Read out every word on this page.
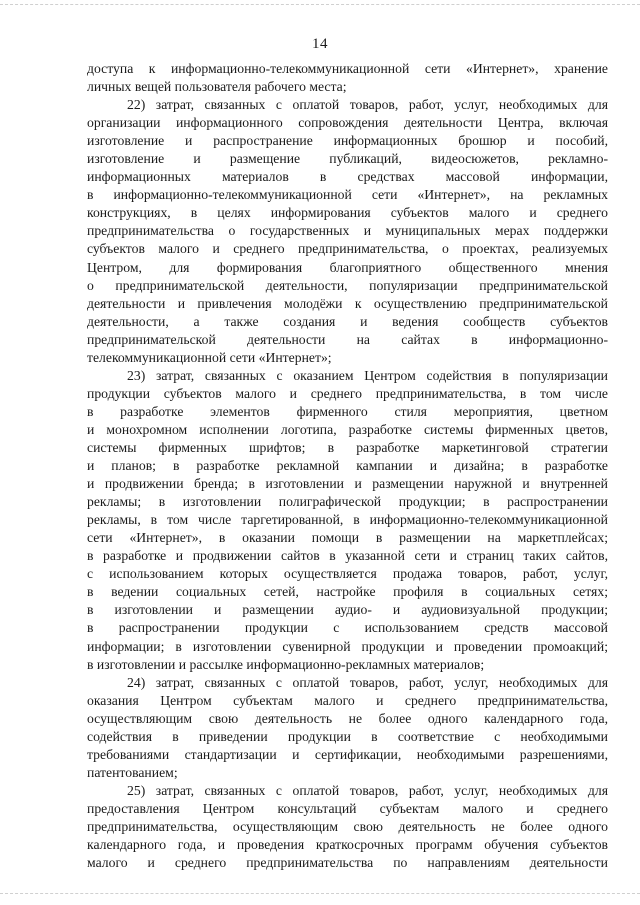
14
доступа к информационно-телекоммуникационной сети «Интернет», хранение
личных вещей пользователя рабочего места;
22) затрат, связанных с оплатой товаров, работ, услуг, необходимых для
организации информационного сопровождения деятельности Центра, включая
изготовление и распространение информационных брошюр и пособий,
изготовление и размещение публикаций, видеосюжетов, рекламно-
информационных материалов в средствах массовой информации,
в информационно-телекоммуникационной сети «Интернет», на рекламных
конструкциях, в целях информирования субъектов малого и среднего
предпринимательства о государственных и муниципальных мерах поддержки
субъектов малого и среднего предпринимательства, о проектах, реализуемых
Центром, для формирования благоприятного общественного мнения
о предпринимательской деятельности, популяризации предпринимательской
деятельности и привлечения молодёжи к осуществлению предпринимательской
деятельности, а также создания и ведения сообществ субъектов
предпринимательской деятельности на сайтах в информационно-
телекоммуникационной сети «Интернет»;
23) затрат, связанных с оказанием Центром содействия в популяризации
продукции субъектов малого и среднего предпринимательства, в том числе
в разработке элементов фирменного стиля мероприятия, цветном
и монохромном исполнении логотипа, разработке системы фирменных цветов,
системы фирменных шрифтов; в разработке маркетинговой стратегии
и планов; в разработке рекламной кампании и дизайна; в разработке
и продвижении бренда; в изготовлении и размещении наружной и внутренней
рекламы; в изготовлении полиграфической продукции; в распространении
рекламы, в том числе таргетированной, в информационно-телекоммуникационной
сети «Интернет», в оказании помощи в размещении на маркетплейсах;
в разработке и продвижении сайтов в указанной сети и страниц таких сайтов,
с использованием которых осуществляется продажа товаров, работ, услуг,
в ведении социальных сетей, настройке профиля в социальных сетях;
в изготовлении и размещении аудио- и аудиовизуальной продукции;
в распространении продукции с использованием средств массовой
информации; в изготовлении сувенирной продукции и проведении промоакций;
в изготовлении и рассылке информационно-рекламных материалов;
24) затрат, связанных с оплатой товаров, работ, услуг, необходимых для
оказания Центром субъектам малого и среднего предпринимательства,
осуществляющим свою деятельность не более одного календарного года,
содействия в приведении продукции в соответствие с необходимыми
требованиями стандартизации и сертификации, необходимыми разрешениями,
патентованием;
25) затрат, связанных с оплатой товаров, работ, услуг, необходимых для
предоставления Центром консультаций субъектам малого и среднего
предпринимательства, осуществляющим свою деятельность не более одного
календарного года, и проведения краткосрочных программ обучения субъектов
малого и среднего предпринимательства по направлениям деятельности
